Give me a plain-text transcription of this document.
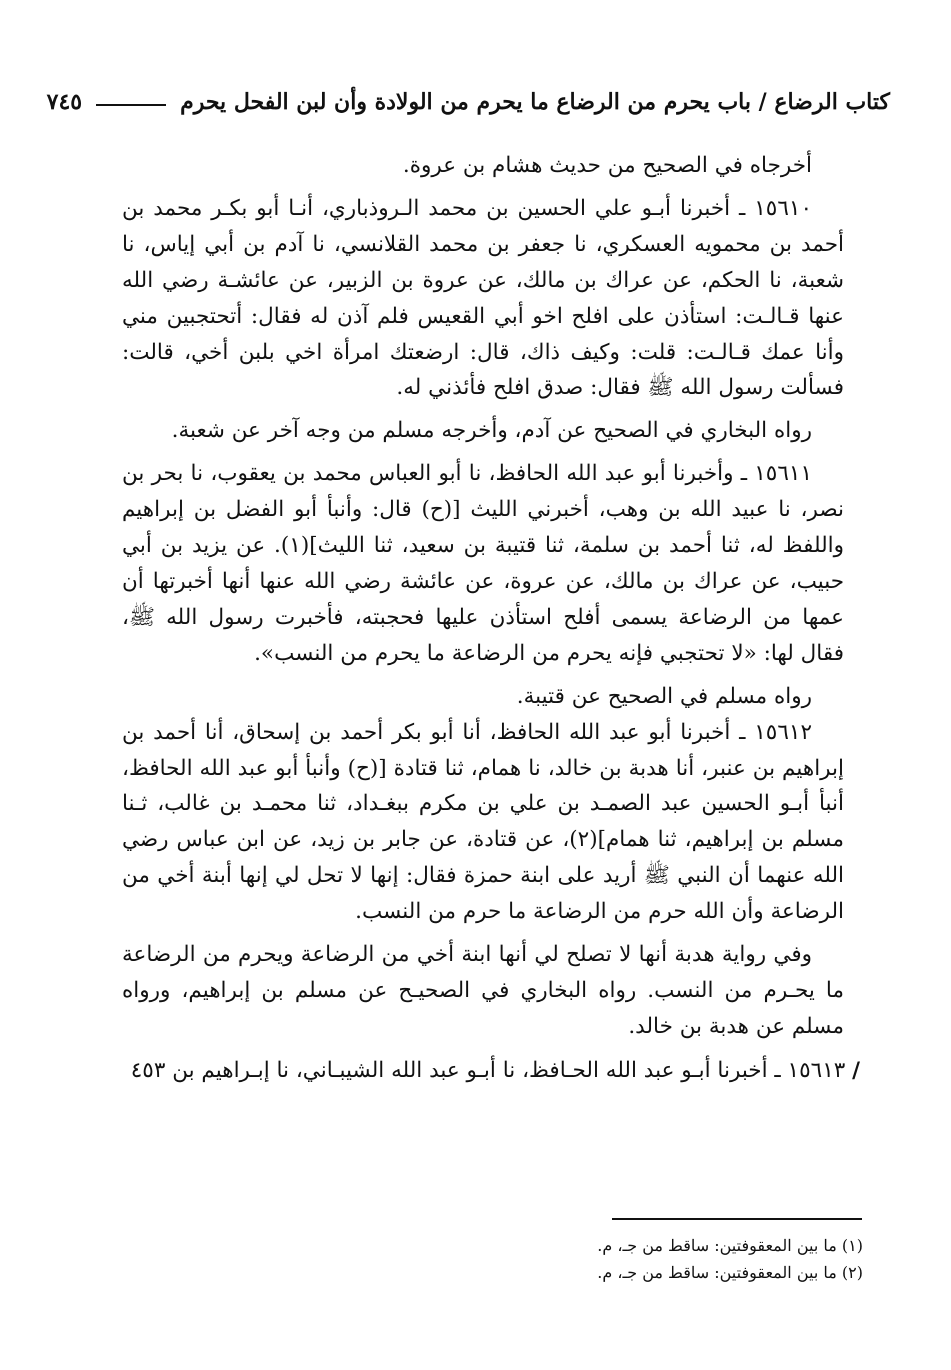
كتاب الرضاع / باب يحرم من الرضاع ما يحرم من الولادة وأن لبن الفحل يحرم
٧٤٥

أخرجاه في الصحيح من حديث هشام بن عروة.

١٥٦١٠ ـ أخبرنا أبـو علي الحسين بن محمد الـروذباري، أنـا أبو بكـر محمد بن أحمد بن محمويه العسكري، نا جعفر بن محمد القلانسي، نا آدم بن أبي إياس، نا شعبة، نا الحكم، عن عراك بن مالك، عن عروة بن الزبير، عن عائشـة رضي الله عنها قـالـت: استأذن على افلح اخو أبي القعيس فلم آذن له فقال: أتحتجبين مني وأنا عمك قـالـت: قلت: وكيف ذاك، قال: ارضعتك امرأة اخي بلبن أخي، قالت: فسألت رسول الله ﷺ فقال: صدق افلح فأئذني له.

رواه البخاري في الصحيح عن آدم، وأخرجه مسلم من وجه آخر عن شعبة.

١٥٦١١ ـ وأخبرنا أبو عبد الله الحافظ، نا أبو العباس محمد بن يعقوب، نا بحر بن نصر، نا عبيد الله بن وهب، أخبرني الليث [(ح) قال: وأنبأ أبو الفضل بن إبراهيم واللفظ له، ثنا أحمد بن سلمة، ثنا قتيبة بن سعيد، ثنا الليث](١). عن يزيد بن أبي حبيب، عن عراك بن مالك، عن عروة، عن عائشة رضي الله عنها أنها أخبرتها أن عمها من الرضاعة يسمى أفلح استأذن عليها فحجبته، فأخبرت رسول الله ﷺ، فقال لها: «لا تحتجبي فإنه يحرم من الرضاعة ما يحرم من النسب».

رواه مسلم في الصحيح عن قتيبة.

١٥٦١٢ ـ أخبرنا أبو عبد الله الحافظ، أنا أبو بكر أحمد بن إسحاق، أنا أحمد بن إبراهيم بن عنبر، أنا هدبة بن خالد، نا همام، ثنا قتادة [(ح) وأنبأ أبو عبد الله الحافظ، أنبأ أبـو الحسين عبد الصمـد بن علي بن مكرم ببغـداد، ثنا محمـد بن غالب، ثـنا مسلم بن إبراهيم، ثنا همام](٢)، عن قتادة، عن جابر بن زيد، عن ابن عباس رضي الله عنهما أن النبي ﷺ أريد على ابنة حمزة فقال: إنها لا تحل لي إنها أبنة أخي من الرضاعة وأن الله حرم من الرضاعة ما حرم من النسب.

وفي رواية هدبة أنها لا تصلح لي أنها ابنة أخي من الرضاعة ويحرم من الرضاعة ما يحـرم من النسب. رواه البخاري في الصحيـح عن مسلم بن إبراهيم، ورواه مسلم عن هدبة بن خالد.

/ ١٥٦١٣ ـ أخبرنا أبـو عبد الله الحـافظ، نا أبـو عبد الله الشيبـاني، نا إبـراهيم بن ٤٥٣

(١) ما بين المعقوفتين: ساقط من جـ، م.
(٢) ما بين المعقوفتين: ساقط من جـ، م.
